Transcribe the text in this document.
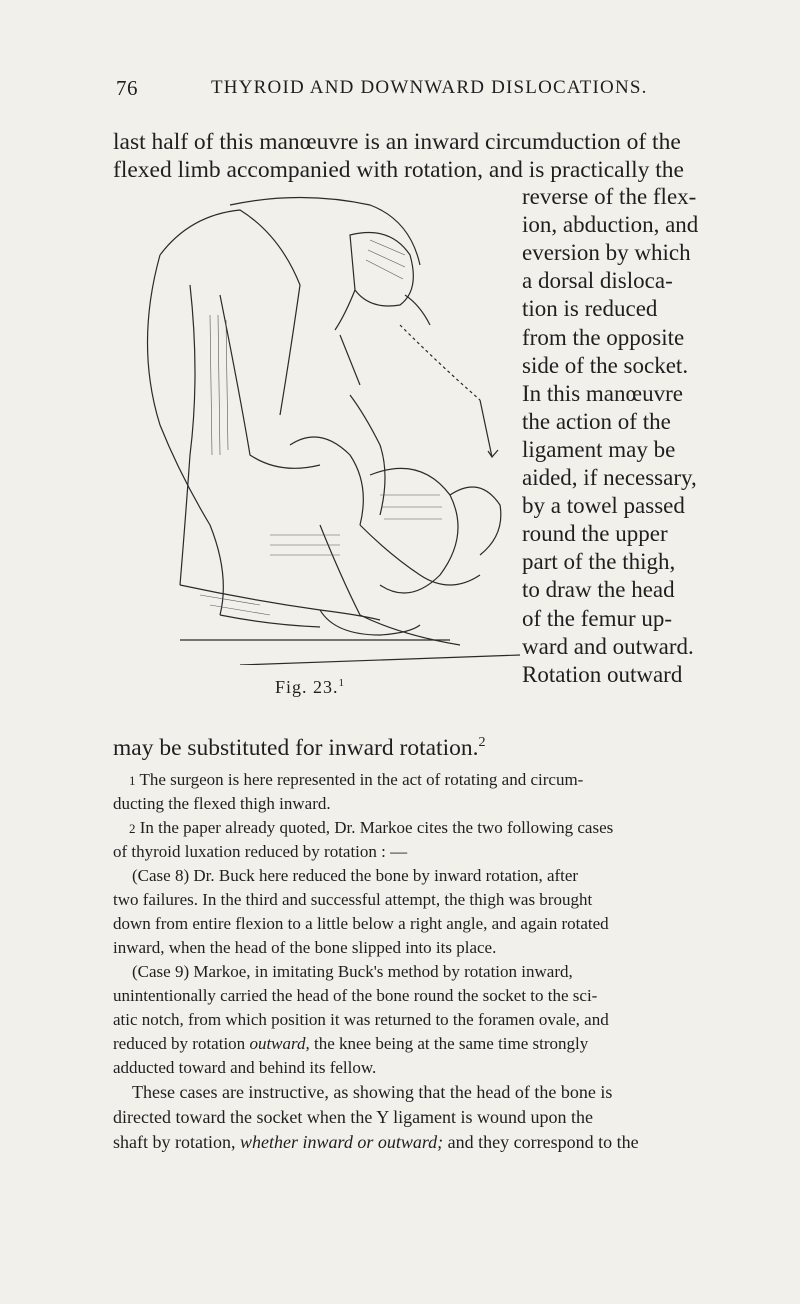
76	THYROID AND DOWNWARD DISLOCATIONS.
last half of this manœuvre is an inward circumduction of the
flexed limb accompanied with rotation, and is practically the
reverse of the flex-
ion, abduction, and
eversion by which
a dorsal disloca-
tion is reduced
from the opposite
side of the socket.
In this manœuvre
the action of the
ligament may be
aided, if necessary,
by a towel passed
round the upper
part of the thigh,
to draw the head
of the femur up-
ward and outward.
Rotation outward
may be substituted for inward rotation.$^2$
Fig. 23.$^1$
1 The surgeon is here represented in the act of rotating and circum-
ducting the flexed thigh inward.
2 In the paper already quoted, Dr. Markoe cites the two following cases
of thyroid luxation reduced by rotation : —
(Case 8) Dr. Buck here reduced the bone by inward rotation, after
two failures. In the third and successful attempt, the thigh was brought
down from entire flexion to a little below a right angle, and again rotated
inward, when the head of the bone slipped into its place.
(Case 9) Markoe, in imitating Buck's method by rotation inward,
unintentionally carried the head of the bone round the socket to the sci-
atic notch, from which position it was returned to the foramen ovale, and
reduced by rotation outward, the knee being at the same time strongly
adducted toward and behind its fellow.
These cases are instructive, as showing that the head of the bone is
directed toward the socket when the Y ligament is wound upon the
shaft by rotation, whether inward or outward; and they correspond to the
